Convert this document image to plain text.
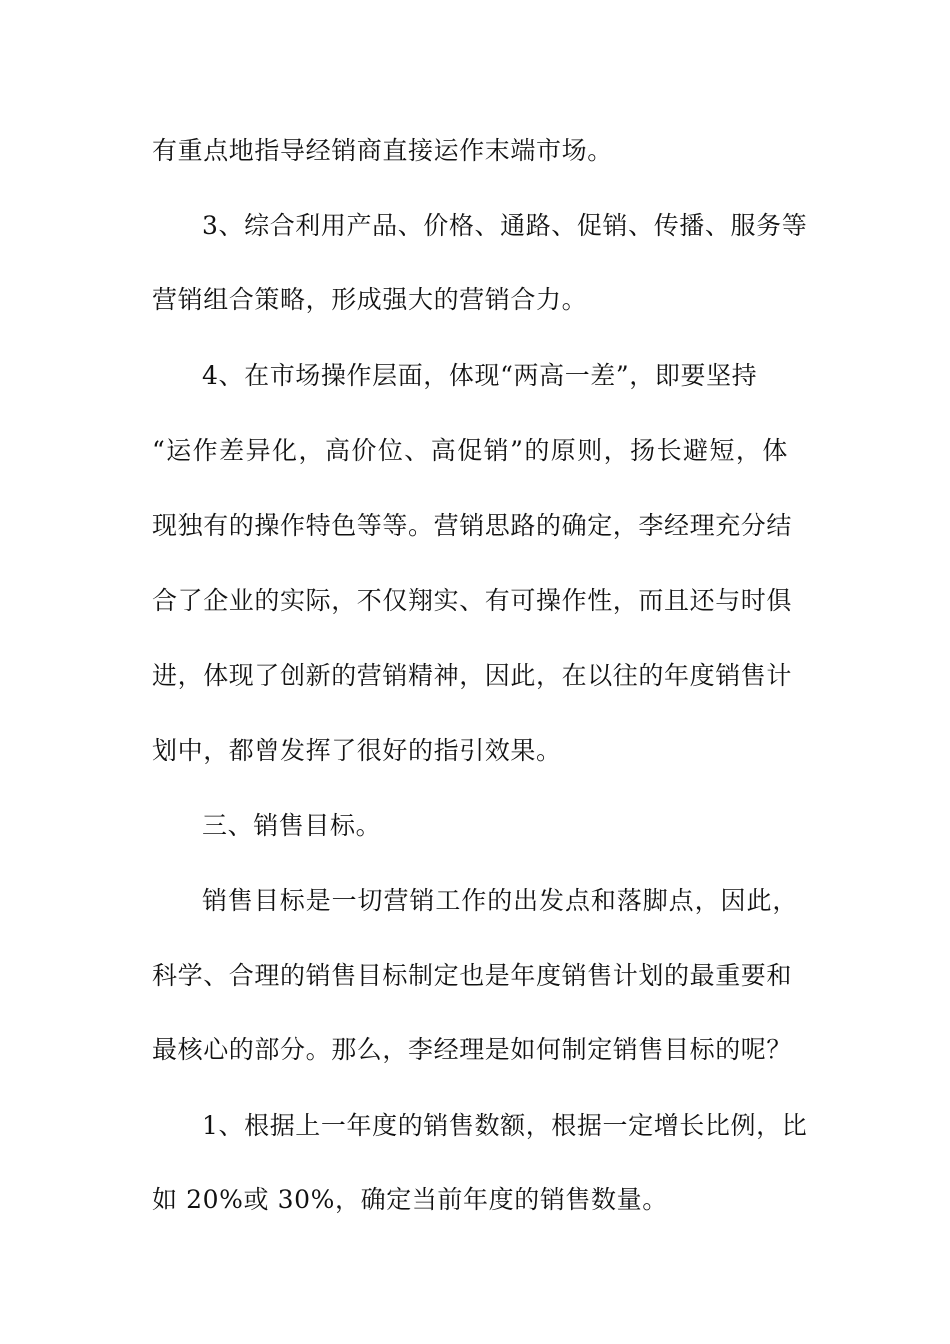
有重点地指导经销商直接运作末端市场。
3、综合利用产品、价格、通路、促销、传播、服务等
营销组合策略，形成强大的营销合力。
4、在市场操作层面，体现“两高一差”，即要坚持
“运作差异化，高价位、高促销”的原则，扬长避短，体
现独有的操作特色等等。营销思路的确定，李经理充分结
合了企业的实际，不仅翔实、有可操作性，而且还与时俱
进，体现了创新的营销精神，因此，在以往的年度销售计
划中，都曾发挥了很好的指引效果。
三、销售目标。
销售目标是一切营销工作的出发点和落脚点，因此，
科学、合理的销售目标制定也是年度销售计划的最重要和
最核心的部分。那么，李经理是如何制定销售目标的呢？
1、根据上一年度的销售数额，根据一定增长比例，比
如 20%或 30%，确定当前年度的销售数量。
